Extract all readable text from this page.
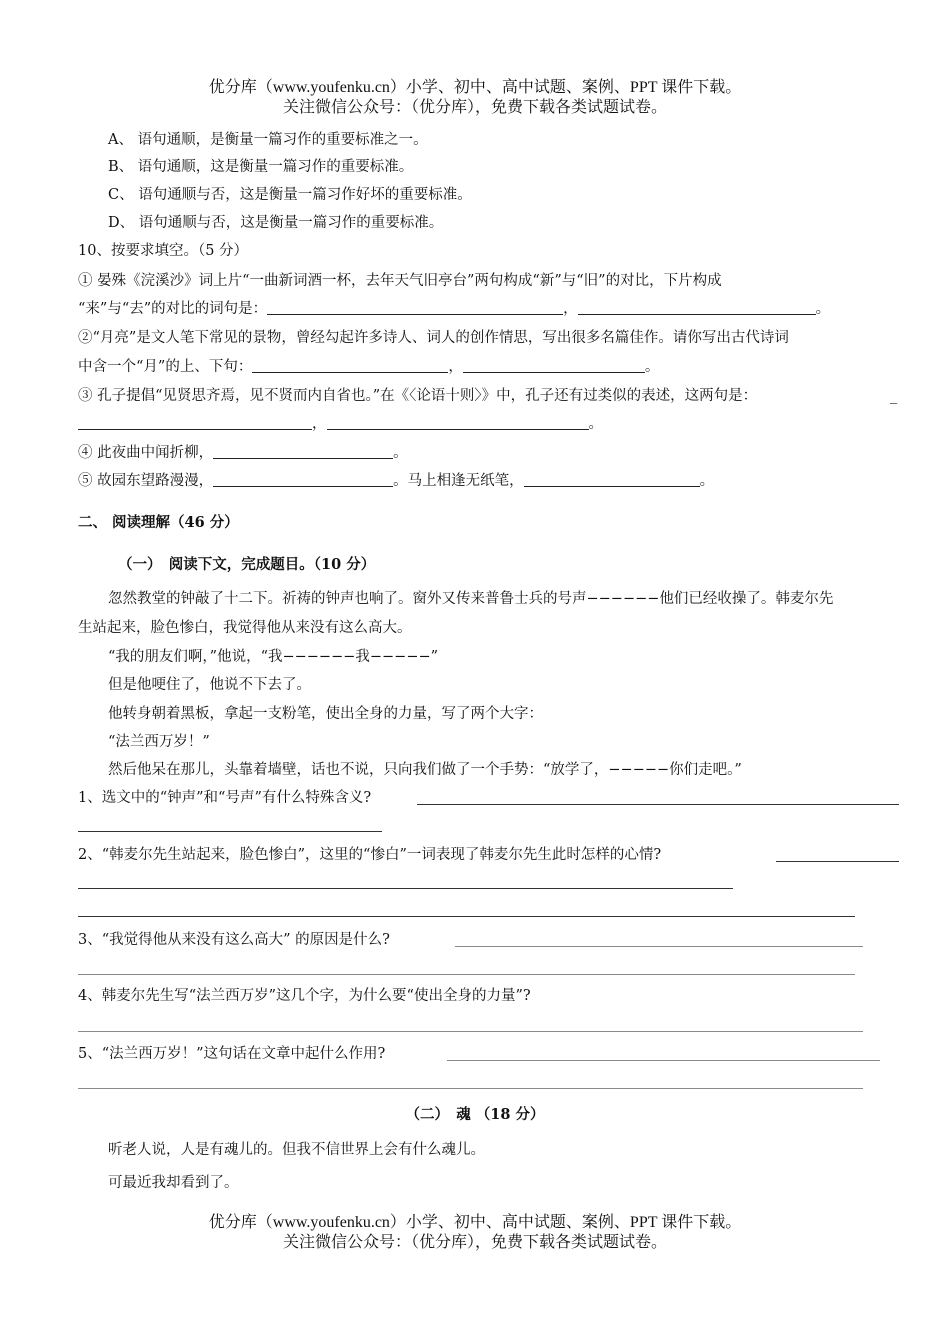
优分库（www.youfenku.cn）小学、初中、高中试题、案例、PPT 课件下载。
关注微信公众号：（优分库），免费下载各类试题试卷。
A、 语句通顺，是衡量一篇习作的重要标准之一。
B、 语句通顺，这是衡量一篇习作的重要标准。
C、 语句通顺与否，这是衡量一篇习作好坏的重要标准。
D、 语句通顺与否，这是衡量一篇习作的重要标准。
10、按要求填空。（5 分）
① 晏殊《浣溪沙》词上片“一曲新词酒一杯，去年天气旧亭台”两句构成“新”与“旧”的对比，下片构成
“来”与“去”的对比的词句是：	，	。
②“月亮”是文人笔下常见的景物，曾经勾起许多诗人、词人的创作情思，写出很多名篇佳作。请你写出古代诗词
中含一个“月”的上、下句：	，	。
③ 孔子提倡“见贤思齐焉，见不贤而内自省也。”在《〈论语十则〉》中，孔子还有过类似的表述，这两句是：	_
，	。
④ 此夜曲中闻折柳，	。
⑤ 故园东望路漫漫，	。马上相逢无纸笔，	。
二、 阅读理解（46 分）
（一）　阅读下文，完成题目。（10 分）
忽然教堂的钟敲了十二下。祈祷的钟声也响了。窗外又传来普鲁士兵的号声−−−−−−他们已经收操了。韩麦尔先
生站起来，脸色惨白，我觉得他从来没有这么高大。
“我的朋友们啊，”他说，“我−−−−−−我−−−−−”
但是他哽住了，他说不下去了。
他转身朝着黑板，拿起一支粉笔，使出全身的力量，写了两个大字：
“法兰西万岁！”
然后他呆在那儿，头靠着墙壁，话也不说，只向我们做了一个手势：“放学了，−−−−−你们走吧。”
1、选文中的“钟声”和“号声”有什么特殊含义?
2、“韩麦尔先生站起来，脸色惨白”，这里的“惨白”一词表现了韩麦尔先生此时怎样的心情?
3、“我觉得他从来没有这么高大” 的原因是什么?
4、韩麦尔先生写“法兰西万岁”这几个字，为什么要“使出全身的力量”?
5、“法兰西万岁！”这句话在文章中起什么作用?
（二）　魂 （18 分）
听老人说，人是有魂儿的。但我不信世界上会有什么魂儿。
可最近我却看到了。
优分库（www.youfenku.cn）小学、初中、高中试题、案例、PPT 课件下载。
关注微信公众号：（优分库），免费下载各类试题试卷。
